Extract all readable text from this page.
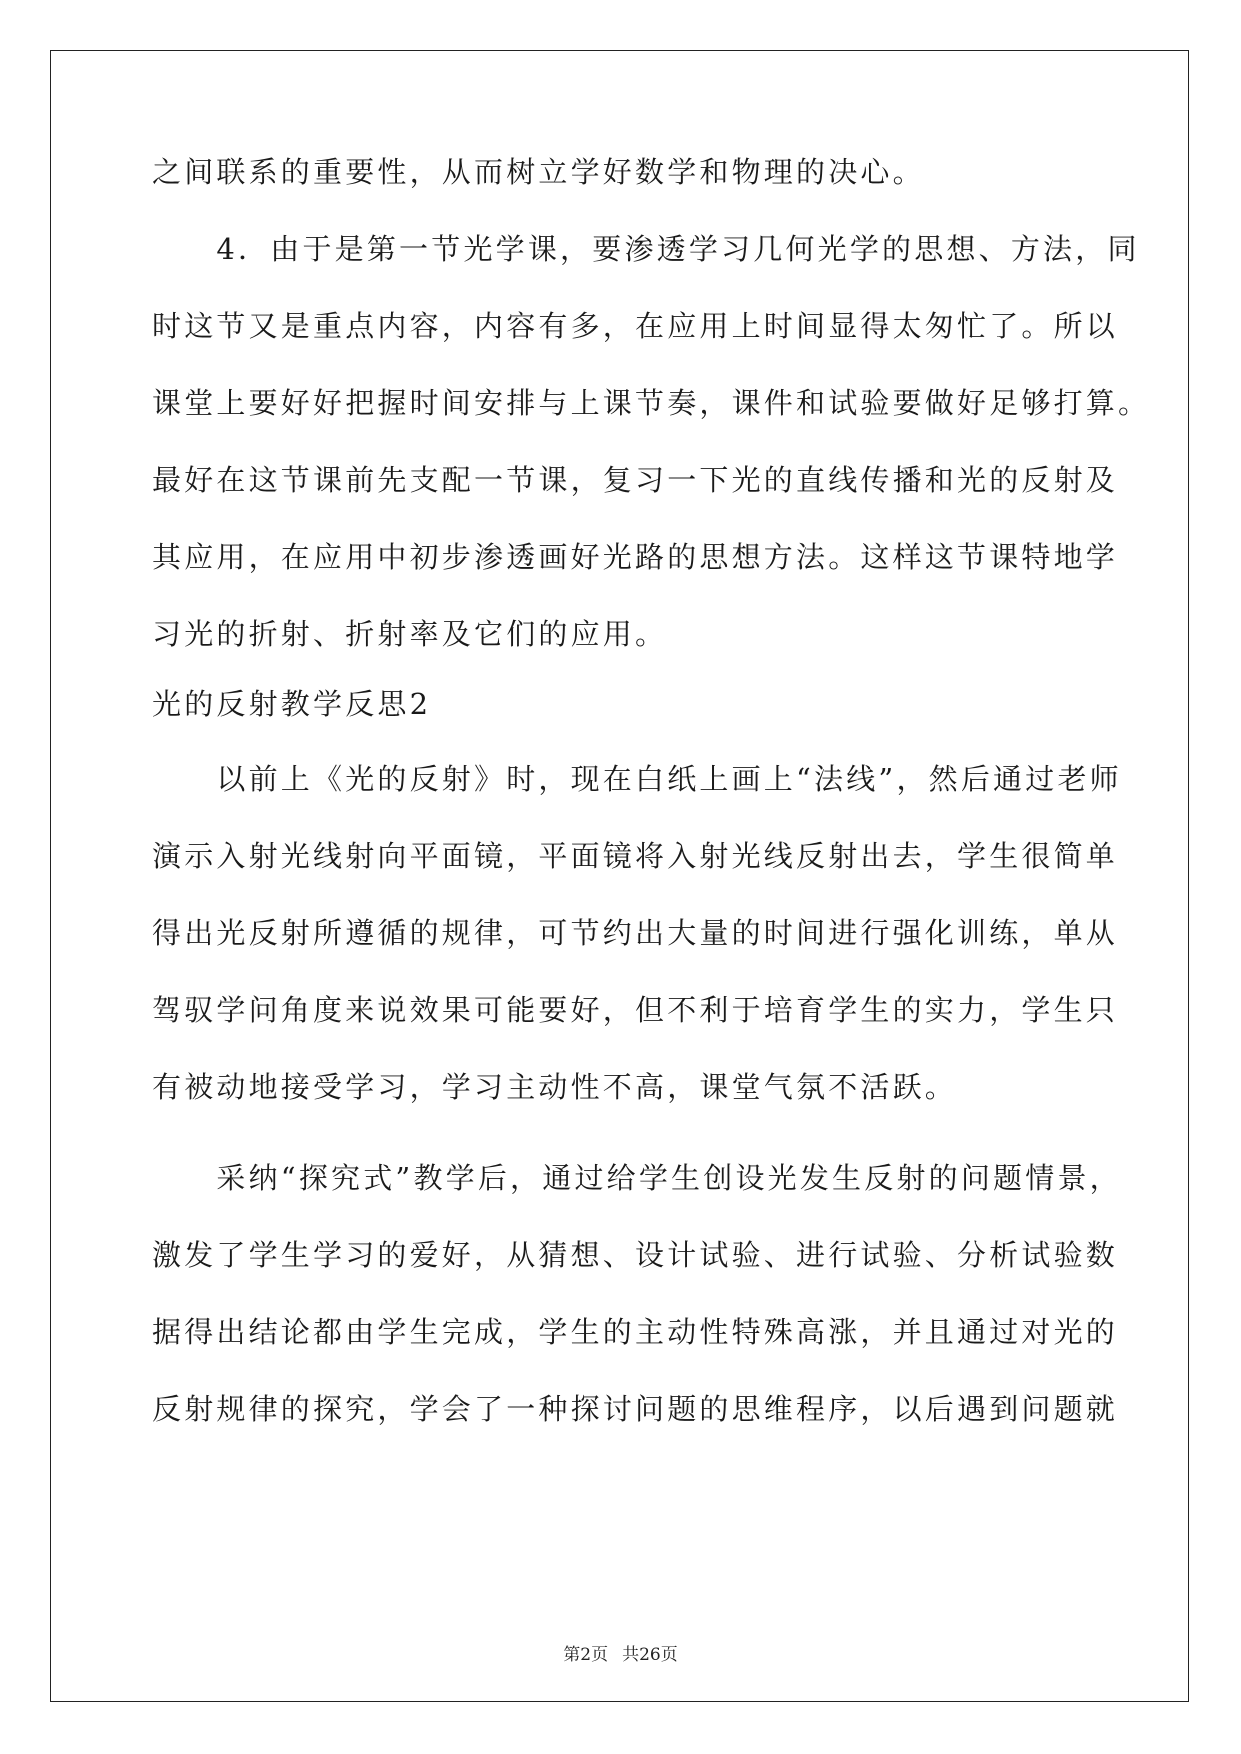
之间联系的重要性，从而树立学好数学和物理的决心。
　　4．由于是第一节光学课，要渗透学习几何光学的思想、方法，同
时这节又是重点内容，内容有多，在应用上时间显得太匆忙了。所以
课堂上要好好把握时间安排与上课节奏，课件和试验要做好足够打算。
最好在这节课前先支配一节课，复习一下光的直线传播和光的反射及
其应用，在应用中初步渗透画好光路的思想方法。这样这节课特地学
习光的折射、折射率及它们的应用。
光的反射教学反思2
　　以前上《光的反射》时，现在白纸上画上“法线”，然后通过老师
演示入射光线射向平面镜，平面镜将入射光线反射出去，学生很简单
得出光反射所遵循的规律，可节约出大量的时间进行强化训练，单从
驾驭学问角度来说效果可能要好，但不利于培育学生的实力，学生只
有被动地接受学习，学习主动性不高，课堂气氛不活跃。
　　采纳“探究式”教学后，通过给学生创设光发生反射的问题情景，
激发了学生学习的爱好，从猜想、设计试验、进行试验、分析试验数
据得出结论都由学生完成，学生的主动性特殊高涨，并且通过对光的
反射规律的探究，学会了一种探讨问题的思维程序，以后遇到问题就
第2页 共26页
